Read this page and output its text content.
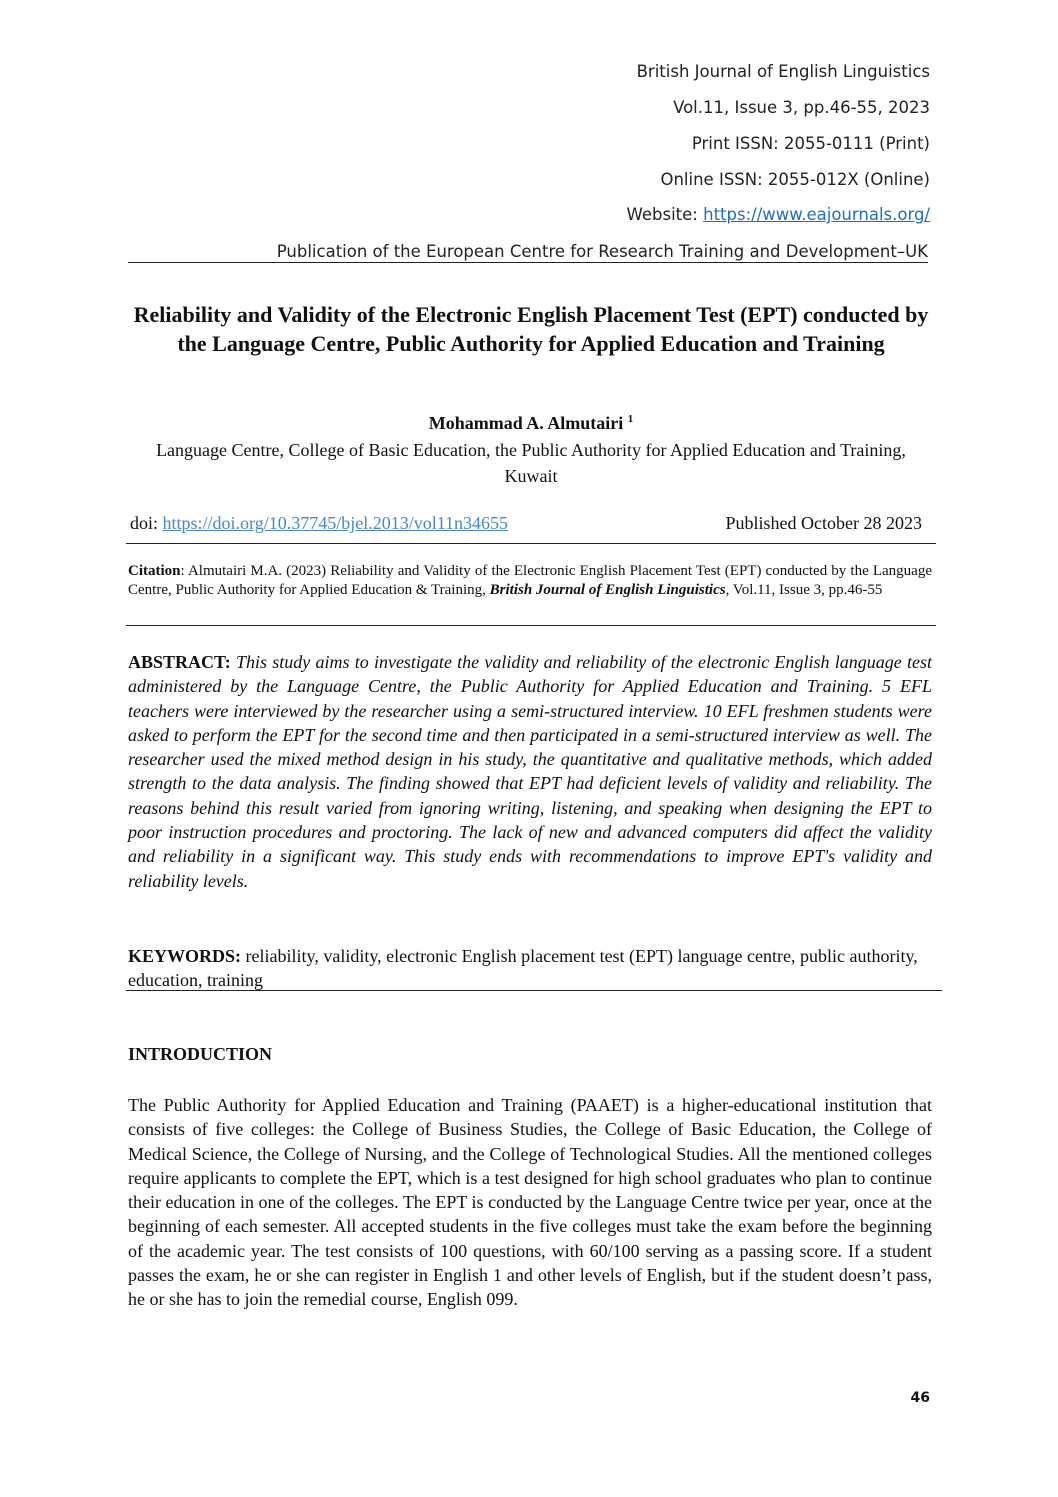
British Journal of English Linguistics
Vol.11, Issue 3, pp.46-55, 2023
Print ISSN: 2055-0111 (Print)
Online ISSN: 2055-012X (Online)
Website: https://www.eajournals.org/
Publication of the European Centre for Research Training and Development–UK
Reliability and Validity of the Electronic English Placement Test (EPT) conducted by the Language Centre, Public Authority for Applied Education and Training
Mohammad A. Almutairi $^1$
Language Centre, College of Basic Education, the Public Authority for Applied Education and Training, Kuwait
doi: https://doi.org/10.37745/bjel.2013/vol11n34655	Published October 28 2023
Citation: Almutairi M.A. (2023) Reliability and Validity of the Electronic English Placement Test (EPT) conducted by the Language Centre, Public Authority for Applied Education & Training, British Journal of English Linguistics, Vol.11, Issue 3, pp.46-55
ABSTRACT: This study aims to investigate the validity and reliability of the electronic English language test administered by the Language Centre, the Public Authority for Applied Education and Training. 5 EFL teachers were interviewed by the researcher using a semi-structured interview. 10 EFL freshmen students were asked to perform the EPT for the second time and then participated in a semi-structured interview as well. The researcher used the mixed method design in his study, the quantitative and qualitative methods, which added strength to the data analysis. The finding showed that EPT had deficient levels of validity and reliability. The reasons behind this result varied from ignoring writing, listening, and speaking when designing the EPT to poor instruction procedures and proctoring. The lack of new and advanced computers did affect the validity and reliability in a significant way. This study ends with recommendations to improve EPT's validity and reliability levels.
KEYWORDS: reliability, validity, electronic English placement test (EPT) language centre, public authority, education, training
INTRODUCTION
The Public Authority for Applied Education and Training (PAAET) is a higher-educational institution that consists of five colleges: the College of Business Studies, the College of Basic Education, the College of Medical Science, the College of Nursing, and the College of Technological Studies. All the mentioned colleges require applicants to complete the EPT, which is a test designed for high school graduates who plan to continue their education in one of the colleges. The EPT is conducted by the Language Centre twice per year, once at the beginning of each semester. All accepted students in the five colleges must take the exam before the beginning of the academic year. The test consists of 100 questions, with 60/100 serving as a passing score. If a student passes the exam, he or she can register in English 1 and other levels of English, but if the student doesn’t pass, he or she has to join the remedial course, English 099.
46
